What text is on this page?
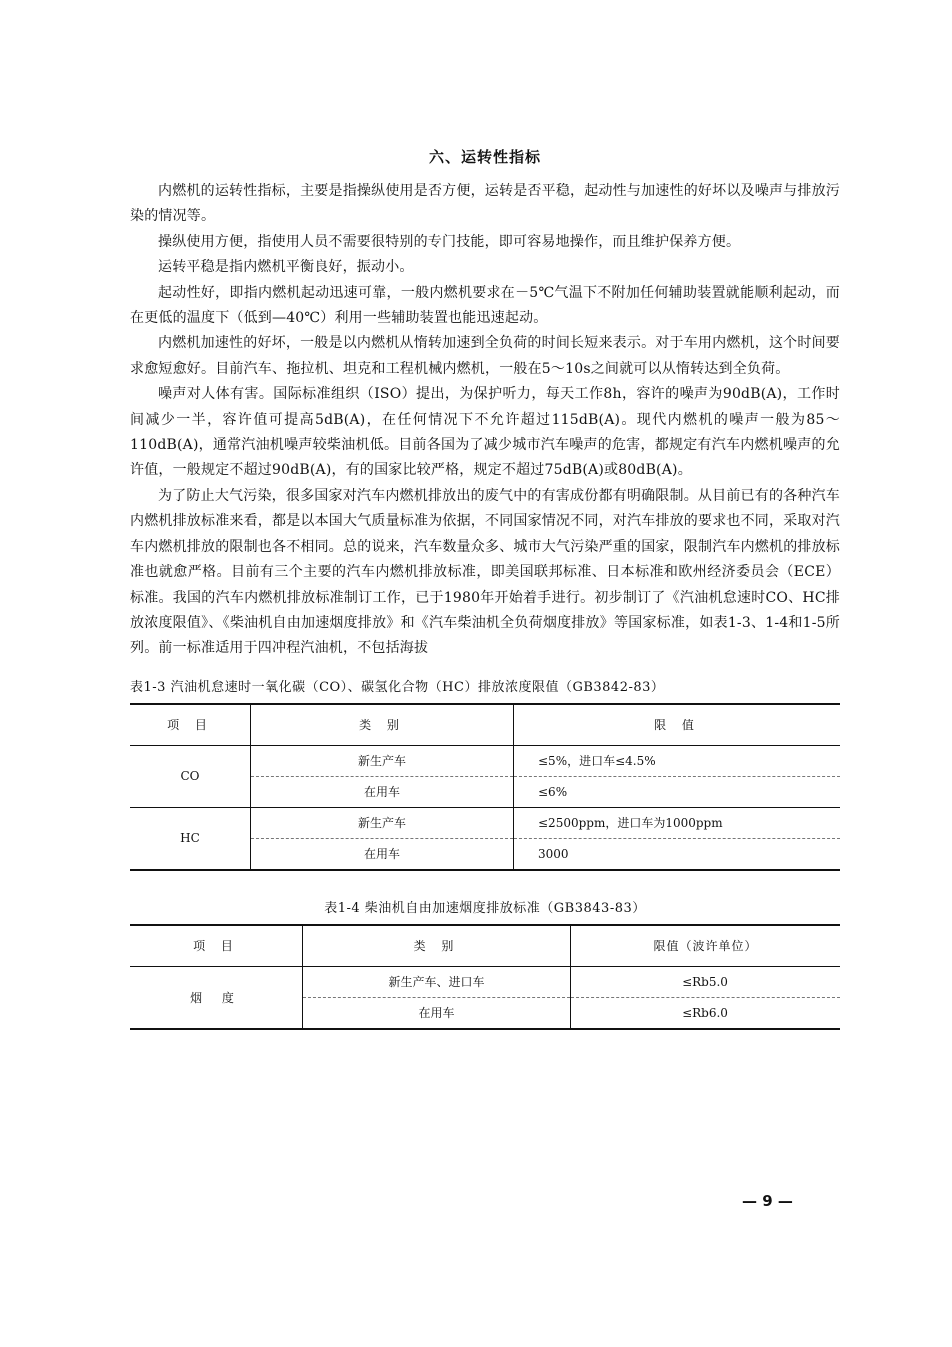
六、运转性指标

内燃机的运转性指标，主要是指操纵使用是否方便，运转是否平稳，起动性与加速性的好坏以及噪声与排放污染的情况等。

操纵使用方便，指使用人员不需要很特别的专门技能，即可容易地操作，而且维护保养方便。

运转平稳是指内燃机平衡良好，振动小。

起动性好，即指内燃机起动迅速可靠，一般内燃机要求在－5℃气温下不附加任何辅助装置就能顺利起动，而在更低的温度下（低到—40℃）利用一些辅助装置也能迅速起动。

内燃机加速性的好坏，一般是以内燃机从惰转加速到全负荷的时间长短来表示。对于车用内燃机，这个时间要求愈短愈好。目前汽车、拖拉机、坦克和工程机械内燃机，一般在5～10s之间就可以从惰转达到全负荷。

噪声对人体有害。国际标准组织（ISO）提出，为保护听力，每天工作8h，容许的噪声为90dB(A)，工作时间减少一半，容许值可提高5dB(A)，在任何情况下不允许超过115dB(A)。现代内燃机的噪声一般为85～110dB(A)，通常汽油机噪声较柴油机低。目前各国为了减少城市汽车噪声的危害，都规定有汽车内燃机噪声的允许值，一般规定不超过90dB(A)，有的国家比较严格，规定不超过75dB(A)或80dB(A)。

为了防止大气污染，很多国家对汽车内燃机排放出的废气中的有害成份都有明确限制。从目前已有的各种汽车内燃机排放标准来看，都是以本国大气质量标准为依据，不同国家情况不同，对汽车排放的要求也不同，采取对汽车内燃机排放的限制也各不相同。总的说来，汽车数量众多、城市大气污染严重的国家，限制汽车内燃机的排放标准也就愈严格。目前有三个主要的汽车内燃机排放标准，即美国联邦标准、日本标准和欧州经济委员会（ECE）标准。我国的汽车内燃机排放标准制订工作，已于1980年开始着手进行。初步制订了《汽油机怠速时CO、HC排放浓度限值》、《柴油机自由加速烟度排放》和《汽车柴油机全负荷烟度排放》等国家标准，如表1-3、1-4和1-5所列。前一标准适用于四冲程汽油机，不包括海拔

表1-3 汽油机怠速时一氧化碳（CO）、碳氢化合物（HC）排放浓度限值（GB3842-83）
项 目	类 别	限 值
CO	新生产车	≤5%，进口车≤4.5%
	在用车	≤6%
HC	新生产车	≤2500ppm，进口车为1000ppm
	在用车	3000
表1-4 柴油机自由加速烟度排放标准（GB3843-83）
项 目	类 别	限值（波许单位）
烟 度	新生产车、进口车	≤Rb5.0
	在用车	≤Rb6.0
— 9 —
